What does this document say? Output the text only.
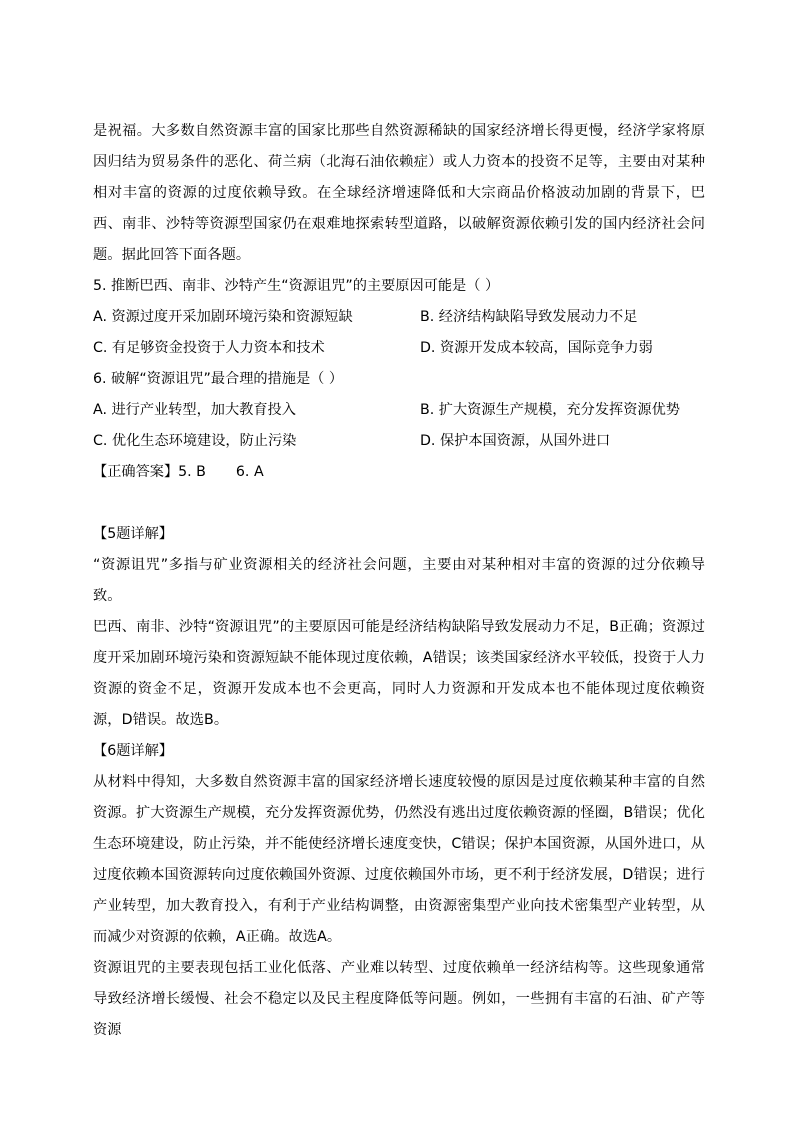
是祝福。大多数自然资源丰富的国家比那些自然资源稀缺的国家经济增长得更慢，经济学家将原因归结为贸易条件的恶化、荷兰病（北海石油依赖症）或人力资本的投资不足等，主要由对某种相对丰富的资源的过度依赖导致。在全球经济增速降低和大宗商品价格波动加剧的背景下，巴西、南非、沙特等资源型国家仍在艰难地探索转型道路，以破解资源依赖引发的国内经济社会问题。据此回答下面各题。

5. 推断巴西、南非、沙特产生“资源诅咒”的主要原因可能是（ ）

A. 资源过度开采加剧环境污染和资源短缺	B. 经济结构缺陷导致发展动力不足
C. 有足够资金投资于人力资本和技术	D. 资源开发成本较高，国际竞争力弱

6. 破解“资源诅咒”最合理的措施是（ ）

A. 进行产业转型，加大教育投入	B. 扩大资源生产规模，充分发挥资源优势
C. 优化生态环境建设，防止污染	D. 保护本国资源，从国外进口

【正确答案】5. B 6. A

【5题详解】

“资源诅咒”多指与矿业资源相关的经济社会问题，主要由对某种相对丰富的资源的过分依赖导致。

巴西、南非、沙特“资源诅咒”的主要原因可能是经济结构缺陷导致发展动力不足，B正确；资源过度开采加剧环境污染和资源短缺不能体现过度依赖，A错误；该类国家经济水平较低，投资于人力资源的资金不足，资源开发成本也不会更高，同时人力资源和开发成本也不能体现过度依赖资源，D错误。故选B。

【6题详解】

从材料中得知，大多数自然资源丰富的国家经济增长速度较慢的原因是过度依赖某种丰富的自然资源。扩大资源生产规模，充分发挥资源优势，仍然没有逃出过度依赖资源的怪圈，B错误；优化生态环境建设，防止污染，并不能使经济增长速度变快，C错误；保护本国资源，从国外进口，从过度依赖本国资源转向过度依赖国外资源、过度依赖国外市场，更不利于经济发展，D错误；进行产业转型，加大教育投入，有利于产业结构调整，由资源密集型产业向技术密集型产业转型，从而减少对资源的依赖，A正确。故选A。

资源诅咒的主要表现包括工业化低落、产业难以转型、过度依赖单一经济结构等。这些现象通常导致经济增长缓慢、社会不稳定以及民主程度降低等问题。例如，一些拥有丰富的石油、矿产等资源
